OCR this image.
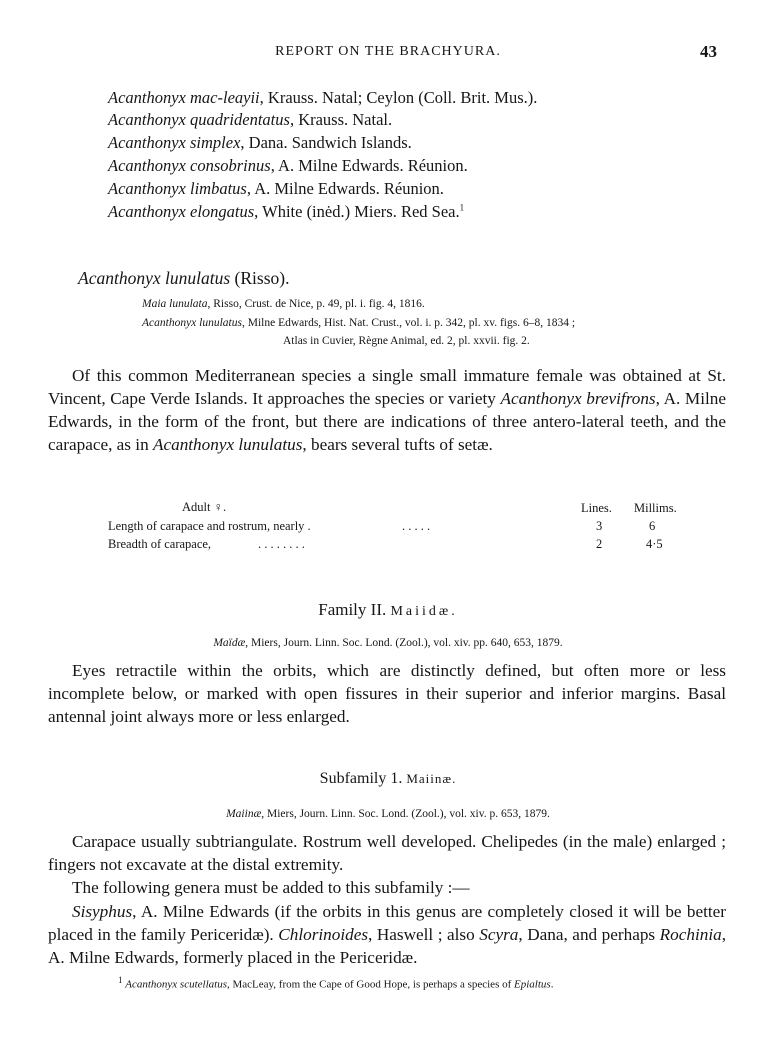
REPORT ON THE BRACHYURA.	43
Acanthonyx mac-leayii, Krauss. Natal; Ceylon (Coll. Brit. Mus.).
Acanthonyx quadridentatus, Krauss. Natal.
Acanthonyx simplex, Dana. Sandwich Islands.
Acanthonyx consobrinus, A. Milne Edwards. Réunion.
Acanthonyx limbatus, A. Milne Edwards. Réunion.
Acanthonyx elongatus, White (inėd.) Miers. Red Sea.$^1$
Acanthonyx lunulatus (Risso).
Maia lunulata, Risso, Crust. de Nice, p. 49, pl. i. fig. 4, 1816.
Acanthonyx lunulatus, Milne Edwards, Hist. Nat. Crust., vol. i. p. 342, pl. xv. figs. 6–8, 1834 ;
Atlas in Cuvier, Règne Animal, ed. 2, pl. xxvii. fig. 2.
Of this common Mediterranean species a single small immature female was obtained at St. Vincent, Cape Verde Islands. It approaches the species or variety Acanthonyx brevifrons, A. Milne Edwards, in the form of the front, but there are indications of three antero-lateral teeth, and the carapace, as in Acanthonyx lunulatus, bears several tufts of setæ.
Adult ♀.	Lines. Millims.
Length of carapace and rostrum, nearly .	. . . . .	3	6
Breadth of carapace,	. . . . . . . .	2	4·5
Family II. Maiidæ.
Maïdæ, Miers, Journ. Linn. Soc. Lond. (Zool.), vol. xiv. pp. 640, 653, 1879.
Eyes retractile within the orbits, which are distinctly defined, but often more or less incomplete below, or marked with open fissures in their superior and inferior margins. Basal antennal joint always more or less enlarged.
Subfamily 1. Maiinæ.
Maiinæ, Miers, Journ. Linn. Soc. Lond. (Zool.), vol. xiv. p. 653, 1879.
Carapace usually subtriangulate. Rostrum well developed. Chelipedes (in the male) enlarged ; fingers not excavate at the distal extremity.
The following genera must be added to this subfamily :—
Sisyphus, A. Milne Edwards (if the orbits in this genus are completely closed it will be better placed in the family Periceridæ). Chlorinoides, Haswell ; also Scyra, Dana, and perhaps Rochinia, A. Milne Edwards, formerly placed in the Periceridæ.
$^1$ Acanthonyx scutellatus, MacLeay, from the Cape of Good Hope, is perhaps a species of Epialtus.
